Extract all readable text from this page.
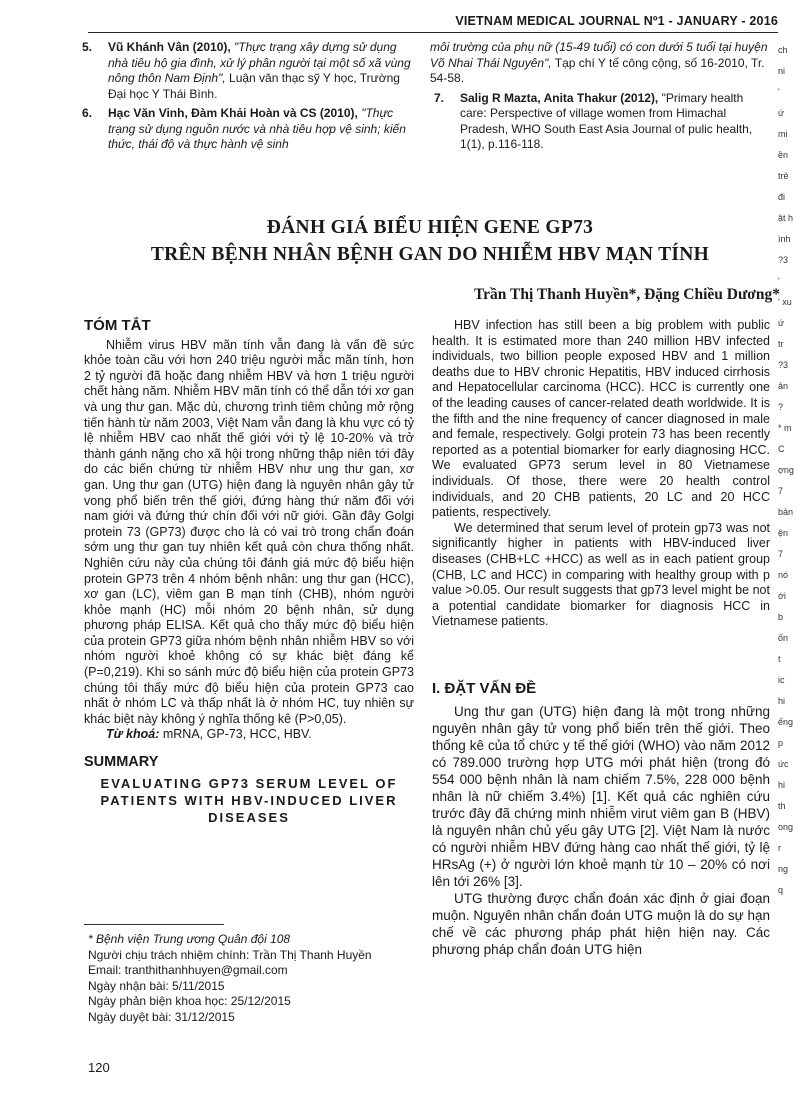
VIETNAM MEDICAL JOURNAL Nº1 - JANUARY - 2016
5. Vũ Khánh Vân (2010), "Thực trạng xây dựng sử dụng nhà tiêu hộ gia đình, xử lý phân người tại một số xã vùng nông thôn Nam Định", Luận văn thạc sỹ Y học, Trường Đại học Y Thái Bình.
6. Hạc Văn Vinh, Đàm Khải Hoàn và CS (2010), "Thực trạng sử dụng nguồn nước và nhà tiêu hợp vệ sinh; kiến thức, thái độ và thực hành vệ sinh
môi trường của phụ nữ (15-49 tuổi) có con dưới 5 tuổi tại huyện Võ Nhai Thái Nguyên", Tạp chí Y tế công cộng, số 16-2010, Tr. 54-58.
7. Salig R Mazta, Anita Thakur (2012), "Primary health care: Perspective of village women from Himachal Pradesh, WHO South East Asia Journal of pulic health, 1(1), p.116-118.
ĐÁNH GIÁ BIỂU HIỆN GENE GP73
TRÊN BỆNH NHÂN BỆNH GAN DO NHIỄM HBV MẠN TÍNH
Trần Thị Thanh Huyền*, Đặng Chiều Dương*
TÓM TẮT

Nhiễm virus HBV mãn tính vẫn đang là vấn đề sức khỏe toàn cầu với hơn 240 triệu người mắc mãn tính, hơn 2 tỷ người đã hoặc đang nhiễm HBV và hơn 1 triệu người chết hàng năm. Nhiễm HBV mãn tính có thể dẫn tới xơ gan và ung thư gan. Mặc dù, chương trình tiêm chủng mở rộng tiến hành từ năm 2003, Việt Nam vẫn đang là khu vực có tỷ lệ nhiễm HBV cao nhất thế giới với tỷ lệ 10-20% và trở thành gánh nặng cho xã hội trong những thập niên tới đây do các biến chứng từ nhiễm HBV như ung thư gan, xơ gan. Ung thư gan (UTG) hiện đang là nguyên nhân gây tử vong phổ biến trên thế giới, đứng hàng thứ năm đối với nam giới và đứng thứ chín đối với nữ giới. Gần đây Golgi protein 73 (GP73) được cho là có vai trò trong chẩn đoán sớm ung thư gan tuy nhiên kết quả còn chưa thống nhất. Nghiên cứu này của chúng tôi đánh giá mức độ biểu hiện protein GP73 trên 4 nhóm bệnh nhân: ung thư gan (HCC), xơ gan (LC), viêm gan B mạn tính (CHB), nhóm người khỏe mạnh (HC) mỗi nhóm 20 bệnh nhân, sử dụng phương pháp ELISA. Kết quả cho thấy mức độ biểu hiện của protein GP73 giữa nhóm bệnh nhân nhiễm HBV so với nhóm người khoẻ không có sự khác biệt đáng kể (P=0,219). Khi so sánh mức độ biểu hiện của protein GP73 chúng tôi thấy mức độ biểu hiện của protein GP73 cao nhất ở nhóm LC và thấp nhất là ở nhóm HC, tuy nhiên sự khác biệt này không ý nghĩa thống kê (P>0,05).

Từ khoá: mRNA, GP-73, HCC, HBV.

SUMMARY
EVALUATING GP73 SERUM LEVEL OF PATIENTS WITH HBV-INDUCED LIVER DISEASES
* Bệnh viện Trung ương Quân đội 108
Người chịu trách nhiệm chính: Trần Thị Thanh Huyền
Email: tranthithanhhuyen@gmail.com
Ngày nhận bài: 5/11/2015
Ngày phản biện khoa học: 25/12/2015
Ngày duyệt bài: 31/12/2015

HBV infection has still been a big problem with public health. It is estimated more than 240 million HBV infected individuals, two billion people exposed HBV and 1 million deaths due to HBV chronic Hepatitis, HBV induced cirrhosis and Hepatocellular carcinoma (HCC). HCC is currently one of the leading causes of cancer-related death worldwide. It is the fifth and the nine frequency of cancer diagnosed in male and female, respectively. Golgi protein 73 has been recently reported as a potential biomarker for early diagnosing HCC. We evaluated GP73 serum level in 80 Vietnamese individuals. Of those, there were 20 health control individuals, and 20 CHB patients, 20 LC and 20 HCC patients, respectively.

We determined that serum level of protein gp73 was not significantly higher in patients with HBV-induced liver diseases (CHB+LC +HCC) as well as in each patient group (CHB, LC and HCC) in comparing with healthy group with p value >0.05. Our result suggests that gp73 level might be not a potential candidate biomarker for diagnosis HCC in Vietnamese patients.

I. ĐẶT VẤN ĐỀ

Ung thư gan (UTG) hiện đang là một trong những nguyên nhân gây tử vong phổ biến trên thế giới. Theo thống kê của tổ chức y tế thế giới (WHO) vào năm 2012 có 789.000 trường hợp UTG mới phát hiện (trong đó 554 000 bệnh nhân là nam chiếm 7.5%, 228 000 bệnh nhân là nữ chiếm 3.4%) [1]. Kết quả các nghiên cứu trước đây đã chứng minh nhiễm virut viêm gan B (HBV) là nguyên nhân chủ yếu gây UTG [2]. Việt Nam là nước có người nhiễm HBV đứng hàng cao nhất thế giới, tỷ lệ HRsAg (+) ở người lớn khoẻ mạnh từ 10 – 20% có nơi lên tới 26% [3].

UTG thường được chẩn đoán xác định ở giai đoạn muộn. Nguyên nhân chẩn đoán UTG muộn là do sự hạn chế về các phương pháp phát hiện hiện nay. Các phương pháp chẩn đoán UTG hiện

120
ch
ni
'
ứ
mi
ền
trẻ
đi
ật h
ình
?3
'
' xu
ứ
tr
?3
ản
?
* m
C
ợng
7
bản
ện
7
nó
ới
b
ốn
t
ic
hi
ếng
p
ức
hi
th
ong
r
ng
q
